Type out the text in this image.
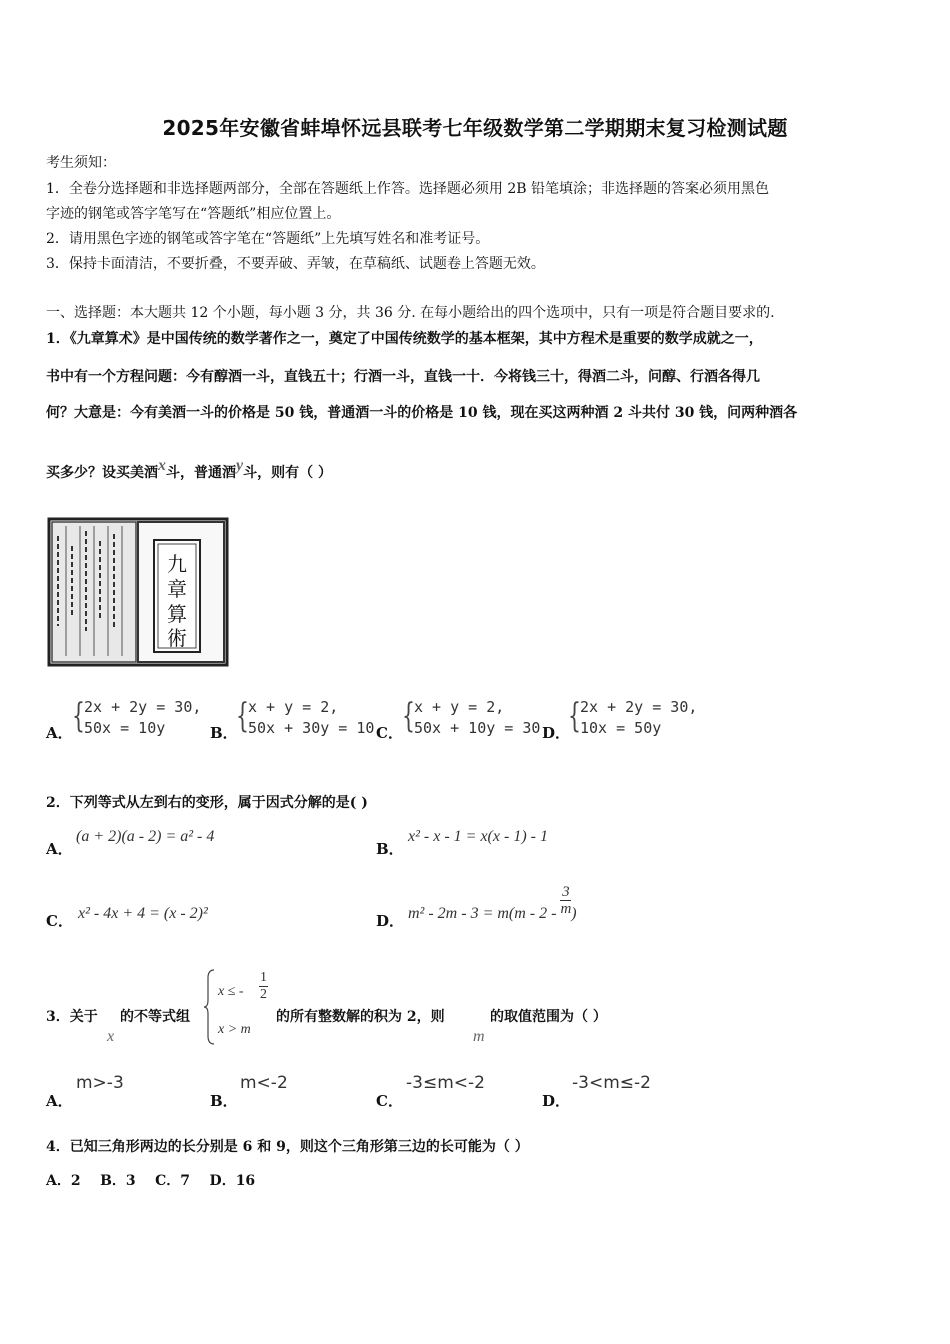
2025年安徽省蚌埠怀远县联考七年级数学第二学期期末复习检测试题
考生须知：
1．全卷分选择题和非选择题两部分，全部在答题纸上作答。选择题必须用 2B 铅笔填涂；非选择题的答案必须用黑色
字迹的钢笔或答字笔写在“答题纸”相应位置上。
2．请用黑色字迹的钢笔或答字笔在“答题纸”上先填写姓名和准考证号。
3．保持卡面清洁，不要折叠，不要弄破、弄皱，在草稿纸、试题卷上答题无效。
一、选择题：本大题共 12 个小题，每小题 3 分，共 36 分. 在每小题给出的四个选项中，只有一项是符合题目要求的.
1．《九章算术》是中国传统的数学著作之一，奠定了中国传统数学的基本框架，其中方程术是重要的数学成就之一，
书中有一个方程问题：今有醇酒一斗，直钱五十；行酒一斗，直钱一十．今将钱三十，得酒二斗，问醇、行酒各得几
何？大意是：今有美酒一斗的价格是 50 钱，普通酒一斗的价格是 10 钱，现在买这两种酒 2 斗共付 30 钱，问两种酒各
买多少？设买美酒x斗，普通酒y斗，则有（ ）
九
章
算
術
A． { 2x + 2y = 30,
50x = 10y	B．
{ x + y = 2,
50x + 30y = 10 C． { x + y = 2,
50x + 10y = 30 D．
{ 2x + 2y = 30,
10x = 50y
2．下列等式从左到右的变形，属于因式分解的是( )
A．
(a + 2)(a - 2) = a² - 4
B．
x² - x - 1 = x(x - 1) - 1
C． x² - 4x + 4 = (x - 2)²	D． $m^2 - 2m - 3 = m(m - 2 - \frac{3}{m}$ )
3．关于
x
的不等式组
x ≤ - $\frac{1}{2}$
x > m
的所有整数解的积为 2，则
m
的取值范围为（ ）
A．
m>-3
B．
m<-2
C．
-3≤m<-2
D．
-3<m≤-2
4．已知三角形两边的长分别是 6 和 9，则这个三角形第三边的长可能为（ ）
A．2    B．3    C．7    D．16
